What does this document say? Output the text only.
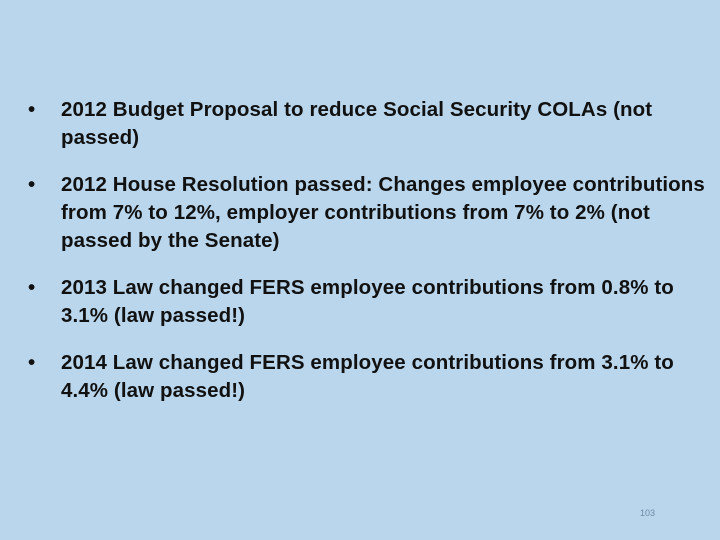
•	2012 Budget Proposal to reduce Social Security COLAs (not passed)
•	2012 House Resolution passed: Changes employee contributions from 7% to 12%, employer contributions from 7% to 2% (not passed by the Senate)
•	2013 Law changed FERS employee contributions from 0.8% to 3.1% (law passed!)
•	2014 Law changed FERS employee contributions from 3.1% to 4.4% (law passed!)
103
